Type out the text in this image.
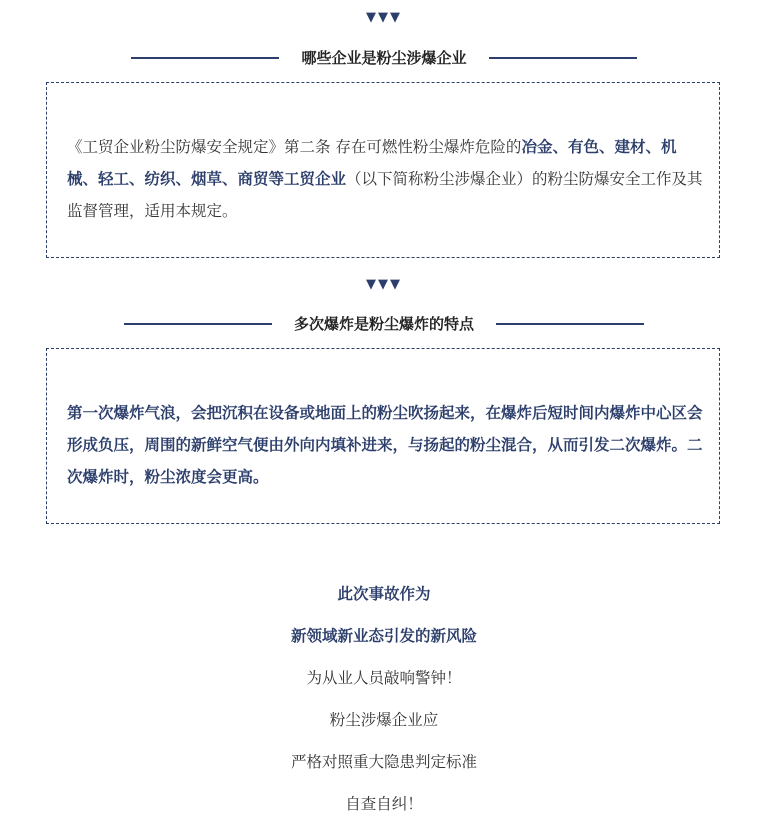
▼▼▼
哪些企业是粉尘涉爆企业
《工贸企业粉尘防爆安全规定》第二条 存在可燃性粉尘爆炸危险的冶金、有色、建材、机械、轻工、纺织、烟草、商贸等工贸企业（以下简称粉尘涉爆企业）的粉尘防爆安全工作及其监督管理，适用本规定。
▼▼▼
多次爆炸是粉尘爆炸的特点
第一次爆炸气浪，会把沉积在设备或地面上的粉尘吹扬起来，在爆炸后短时间内爆炸中心区会形成负压，周围的新鲜空气便由外向内填补进来，与扬起的粉尘混合，从而引发二次爆炸。二次爆炸时，粉尘浓度会更高。
此次事故作为
新领域新业态引发的新风险
为从业人员敲响警钟！
粉尘涉爆企业应
严格对照重大隐患判定标准
自查自纠！
